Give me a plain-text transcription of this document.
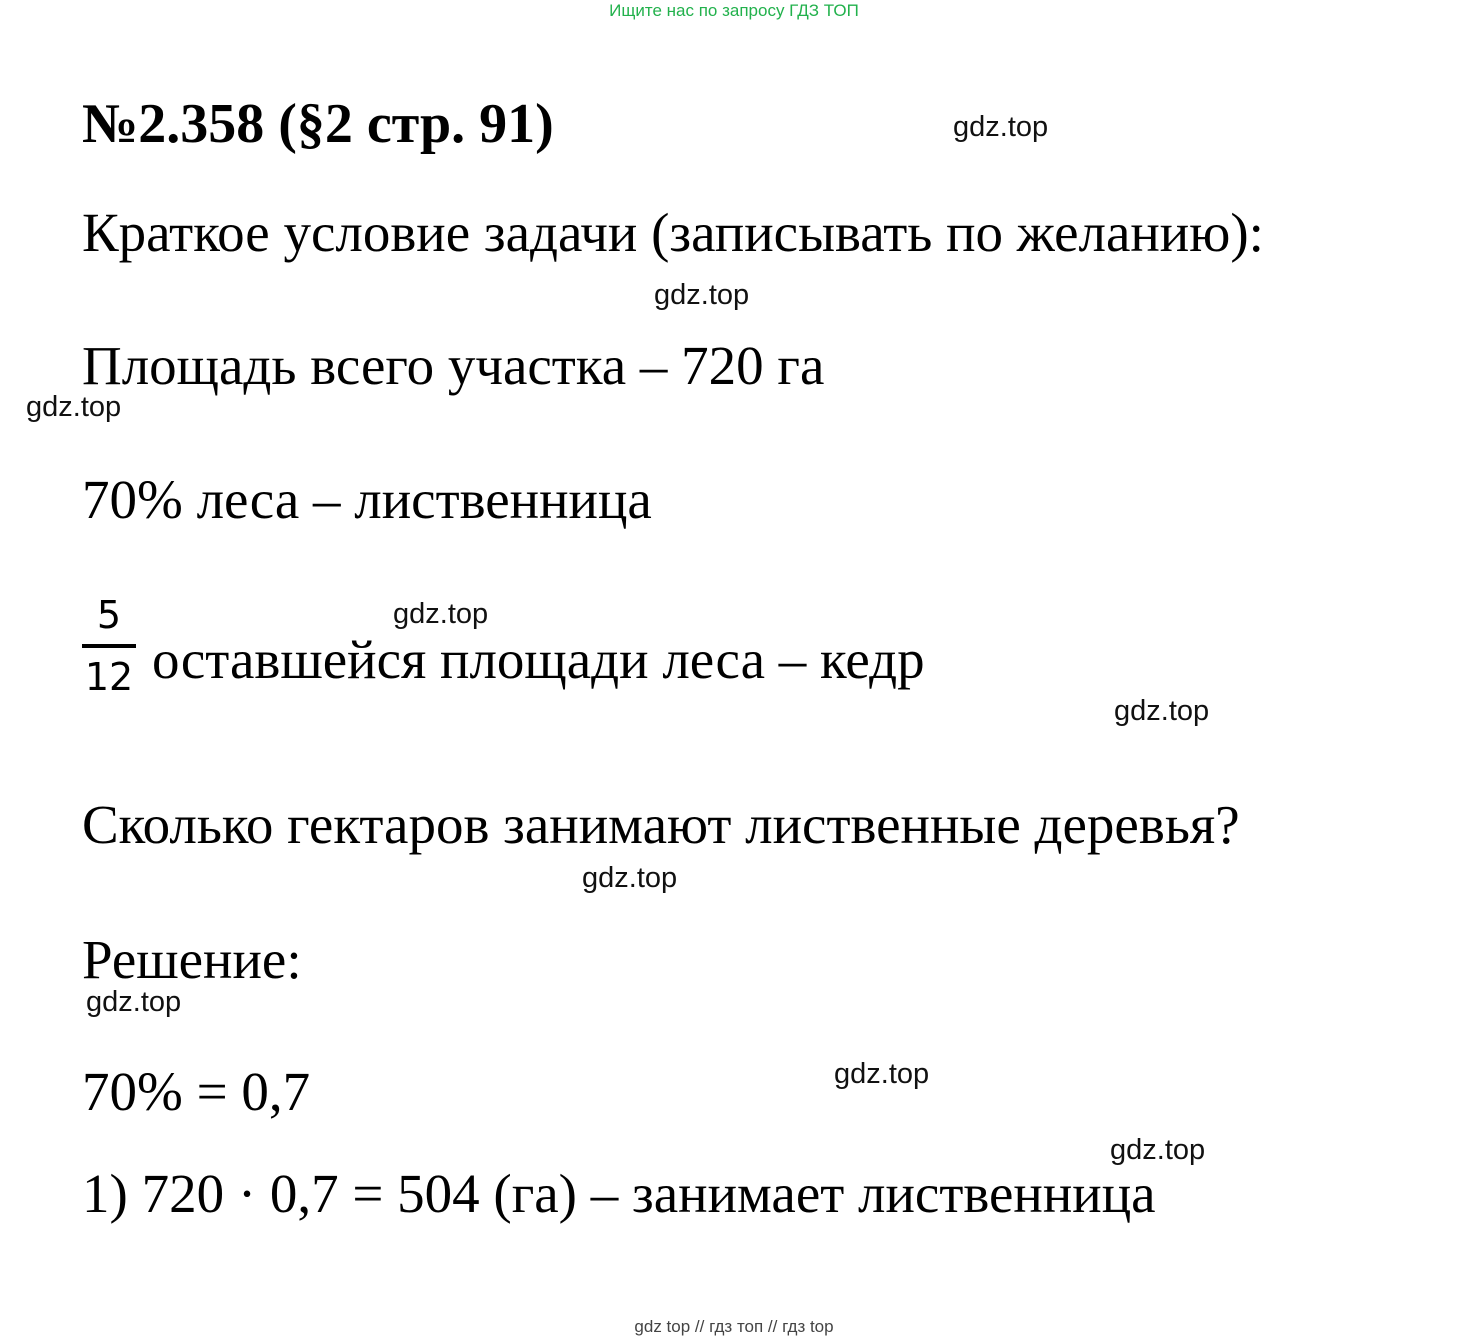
Ищите нас по запросу ГДЗ ТОП
№2.358 (§2 стр. 91)	gdz.top
Краткое условие задачи (записывать по желанию):
gdz.top
Площадь всего участка – 720 га
gdz.top
70% леса – лиственница
gdz.top
5
12 оставшейся площади леса – кедр
gdz.top
Сколько гектаров занимают лиственные деревья?
gdz.top
Решение:
gdz.top
gdz.top
70% = 0,7
gdz.top
1) 720 · 0,7 = 504 (га) – занимает лиственница
gdz top // гдз топ // гдз top
